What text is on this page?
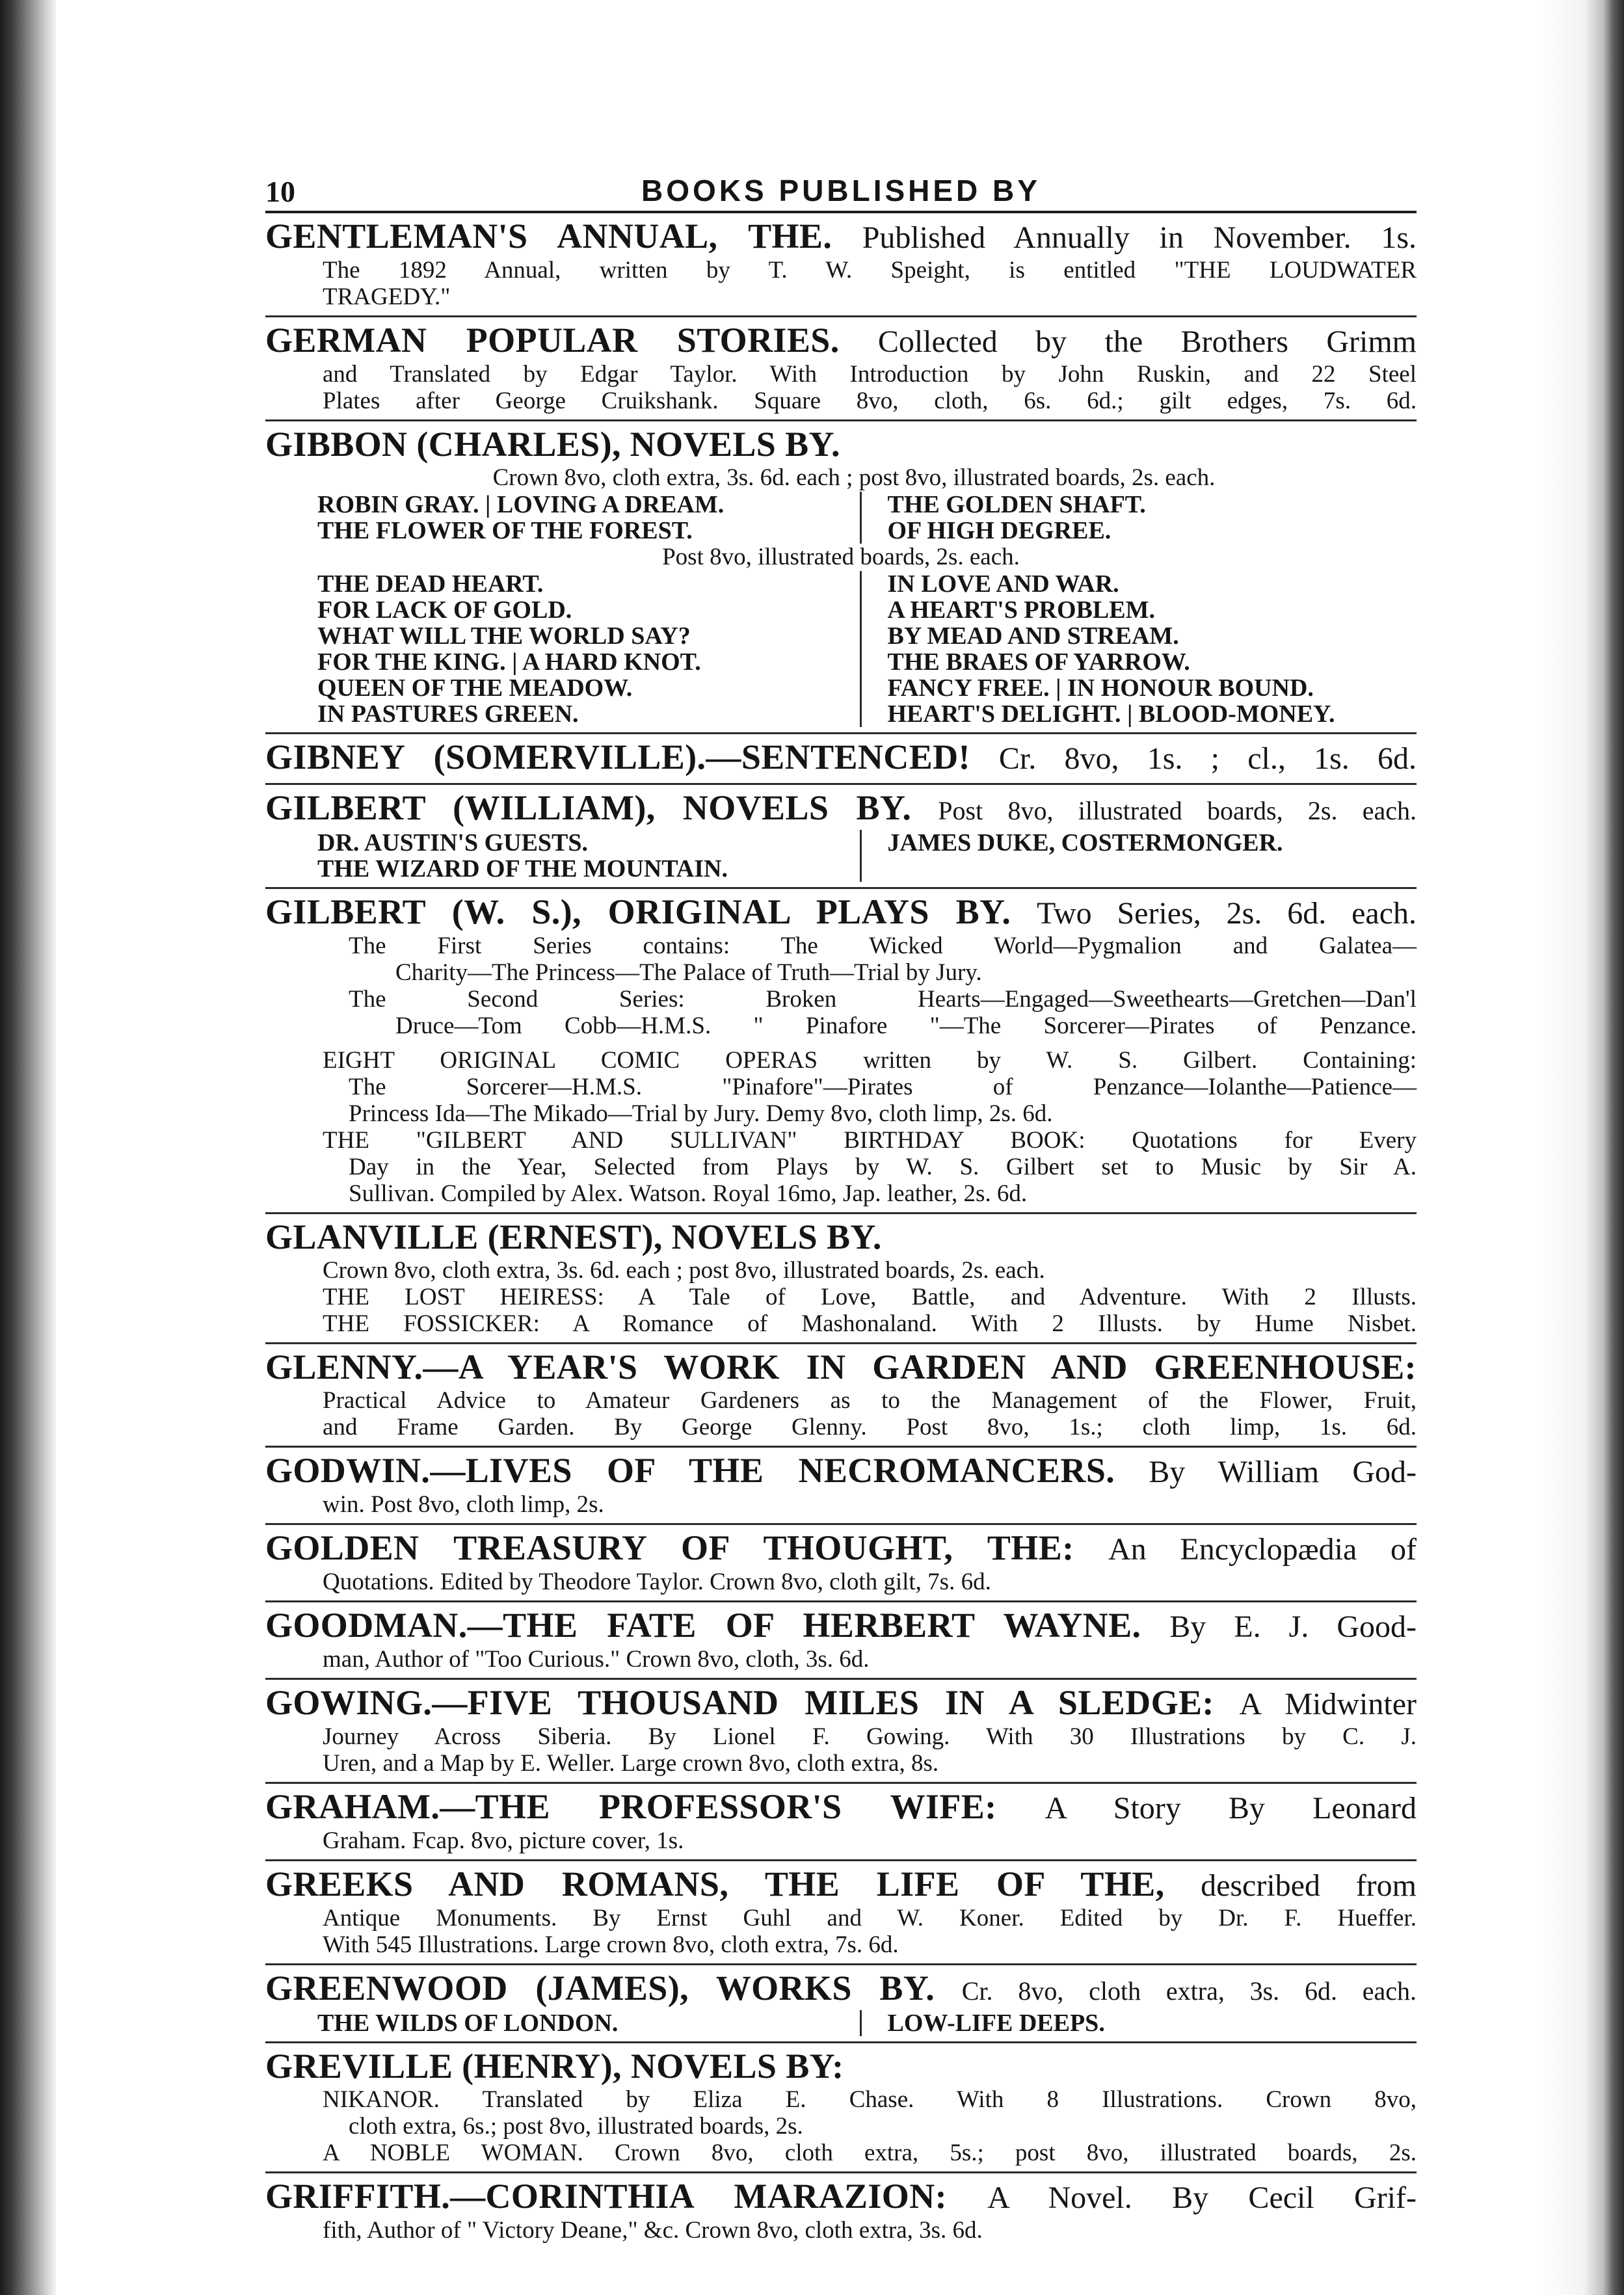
10	BOOKS PUBLISHED BY
GENTLEMAN'S ANNUAL, THE. Published Annually in November. 1s.
The 1892 Annual, written by T. W. Speight, is entitled "THE LOUDWATER
TRAGEDY."
GERMAN POPULAR STORIES. Collected by the Brothers Grimm
and Translated by Edgar Taylor. With Introduction by John Ruskin, and 22 Steel
Plates after George Cruikshank. Square 8vo, cloth, 6s. 6d.; gilt edges, 7s. 6d.
GIBBON (CHARLES), NOVELS BY.
Crown 8vo, cloth extra, 3s. 6d. each ; post 8vo, illustrated boards, 2s. each.
ROBIN GRAY. | LOVING A DREAM.
THE FLOWER OF THE FOREST.
THE GOLDEN SHAFT.
OF HIGH DEGREE.
Post 8vo, illustrated boards, 2s. each.
THE DEAD HEART.
FOR LACK OF GOLD.
WHAT WILL THE WORLD SAY?
FOR THE KING. | A HARD KNOT.
QUEEN OF THE MEADOW.
IN PASTURES GREEN.
IN LOVE AND WAR.
A HEART'S PROBLEM.
BY MEAD AND STREAM.
THE BRAES OF YARROW.
FANCY FREE. | IN HONOUR BOUND.
HEART'S DELIGHT. | BLOOD-MONEY.
GIBNEY (SOMERVILLE).—SENTENCED! Cr. 8vo, 1s. ; cl., 1s. 6d.
GILBERT (WILLIAM), NOVELS BY. Post 8vo, illustrated boards, 2s. each.
DR. AUSTIN'S GUESTS.
THE WIZARD OF THE MOUNTAIN.
JAMES DUKE, COSTERMONGER.
GILBERT (W. S.), ORIGINAL PLAYS BY. Two Series, 2s. 6d. each.
The First Series contains: The Wicked World—Pygmalion and Galatea—
Charity—The Princess—The Palace of Truth—Trial by Jury.
The Second Series: Broken Hearts—Engaged—Sweethearts—Gretchen—Dan'l
Druce—Tom Cobb—H.M.S. " Pinafore "—The Sorcerer—Pirates of Penzance.
EIGHT ORIGINAL COMIC OPERAS written by W. S. Gilbert. Containing:
The Sorcerer—H.M.S. "Pinafore"—Pirates of Penzance—Iolanthe—Patience—
Princess Ida—The Mikado—Trial by Jury. Demy 8vo, cloth limp, 2s. 6d.
THE "GILBERT AND SULLIVAN" BIRTHDAY BOOK: Quotations for Every
Day in the Year, Selected from Plays by W. S. Gilbert set to Music by Sir A.
Sullivan. Compiled by Alex. Watson. Royal 16mo, Jap. leather, 2s. 6d.
GLANVILLE (ERNEST), NOVELS BY.
Crown 8vo, cloth extra, 3s. 6d. each ; post 8vo, illustrated boards, 2s. each.
THE LOST HEIRESS: A Tale of Love, Battle, and Adventure. With 2 Illusts.
THE FOSSICKER: A Romance of Mashonaland. With 2 Illusts. by Hume Nisbet.
GLENNY.—A YEAR'S WORK IN GARDEN AND GREENHOUSE:
Practical Advice to Amateur Gardeners as to the Management of the Flower, Fruit,
and Frame Garden. By George Glenny. Post 8vo, 1s.; cloth limp, 1s. 6d.
GODWIN.—LIVES OF THE NECROMANCERS. By William God-
win. Post 8vo, cloth limp, 2s.
GOLDEN TREASURY OF THOUGHT, THE: An Encyclopædia of
Quotations. Edited by Theodore Taylor. Crown 8vo, cloth gilt, 7s. 6d.
GOODMAN.—THE FATE OF HERBERT WAYNE. By E. J. Good-
man, Author of "Too Curious." Crown 8vo, cloth, 3s. 6d.
GOWING.—FIVE THOUSAND MILES IN A SLEDGE: A Midwinter
Journey Across Siberia. By Lionel F. Gowing. With 30 Illustrations by C. J.
Uren, and a Map by E. Weller. Large crown 8vo, cloth extra, 8s.
GRAHAM.—THE PROFESSOR'S WIFE: A Story By Leonard
Graham. Fcap. 8vo, picture cover, 1s.
GREEKS AND ROMANS, THE LIFE OF THE, described from
Antique Monuments. By Ernst Guhl and W. Koner. Edited by Dr. F. Hueffer.
With 545 Illustrations. Large crown 8vo, cloth extra, 7s. 6d.
GREENWOOD (JAMES), WORKS BY. Cr. 8vo, cloth extra, 3s. 6d. each.
THE WILDS OF LONDON.	LOW-LIFE DEEPS.
GREVILLE (HENRY), NOVELS BY:
NIKANOR. Translated by Eliza E. Chase. With 8 Illustrations. Crown 8vo,
cloth extra, 6s.; post 8vo, illustrated boards, 2s.
A NOBLE WOMAN. Crown 8vo, cloth extra, 5s.; post 8vo, illustrated boards, 2s.
GRIFFITH.—CORINTHIA MARAZION: A Novel. By Cecil Grif-
fith, Author of " Victory Deane," &c. Crown 8vo, cloth extra, 3s. 6d.
